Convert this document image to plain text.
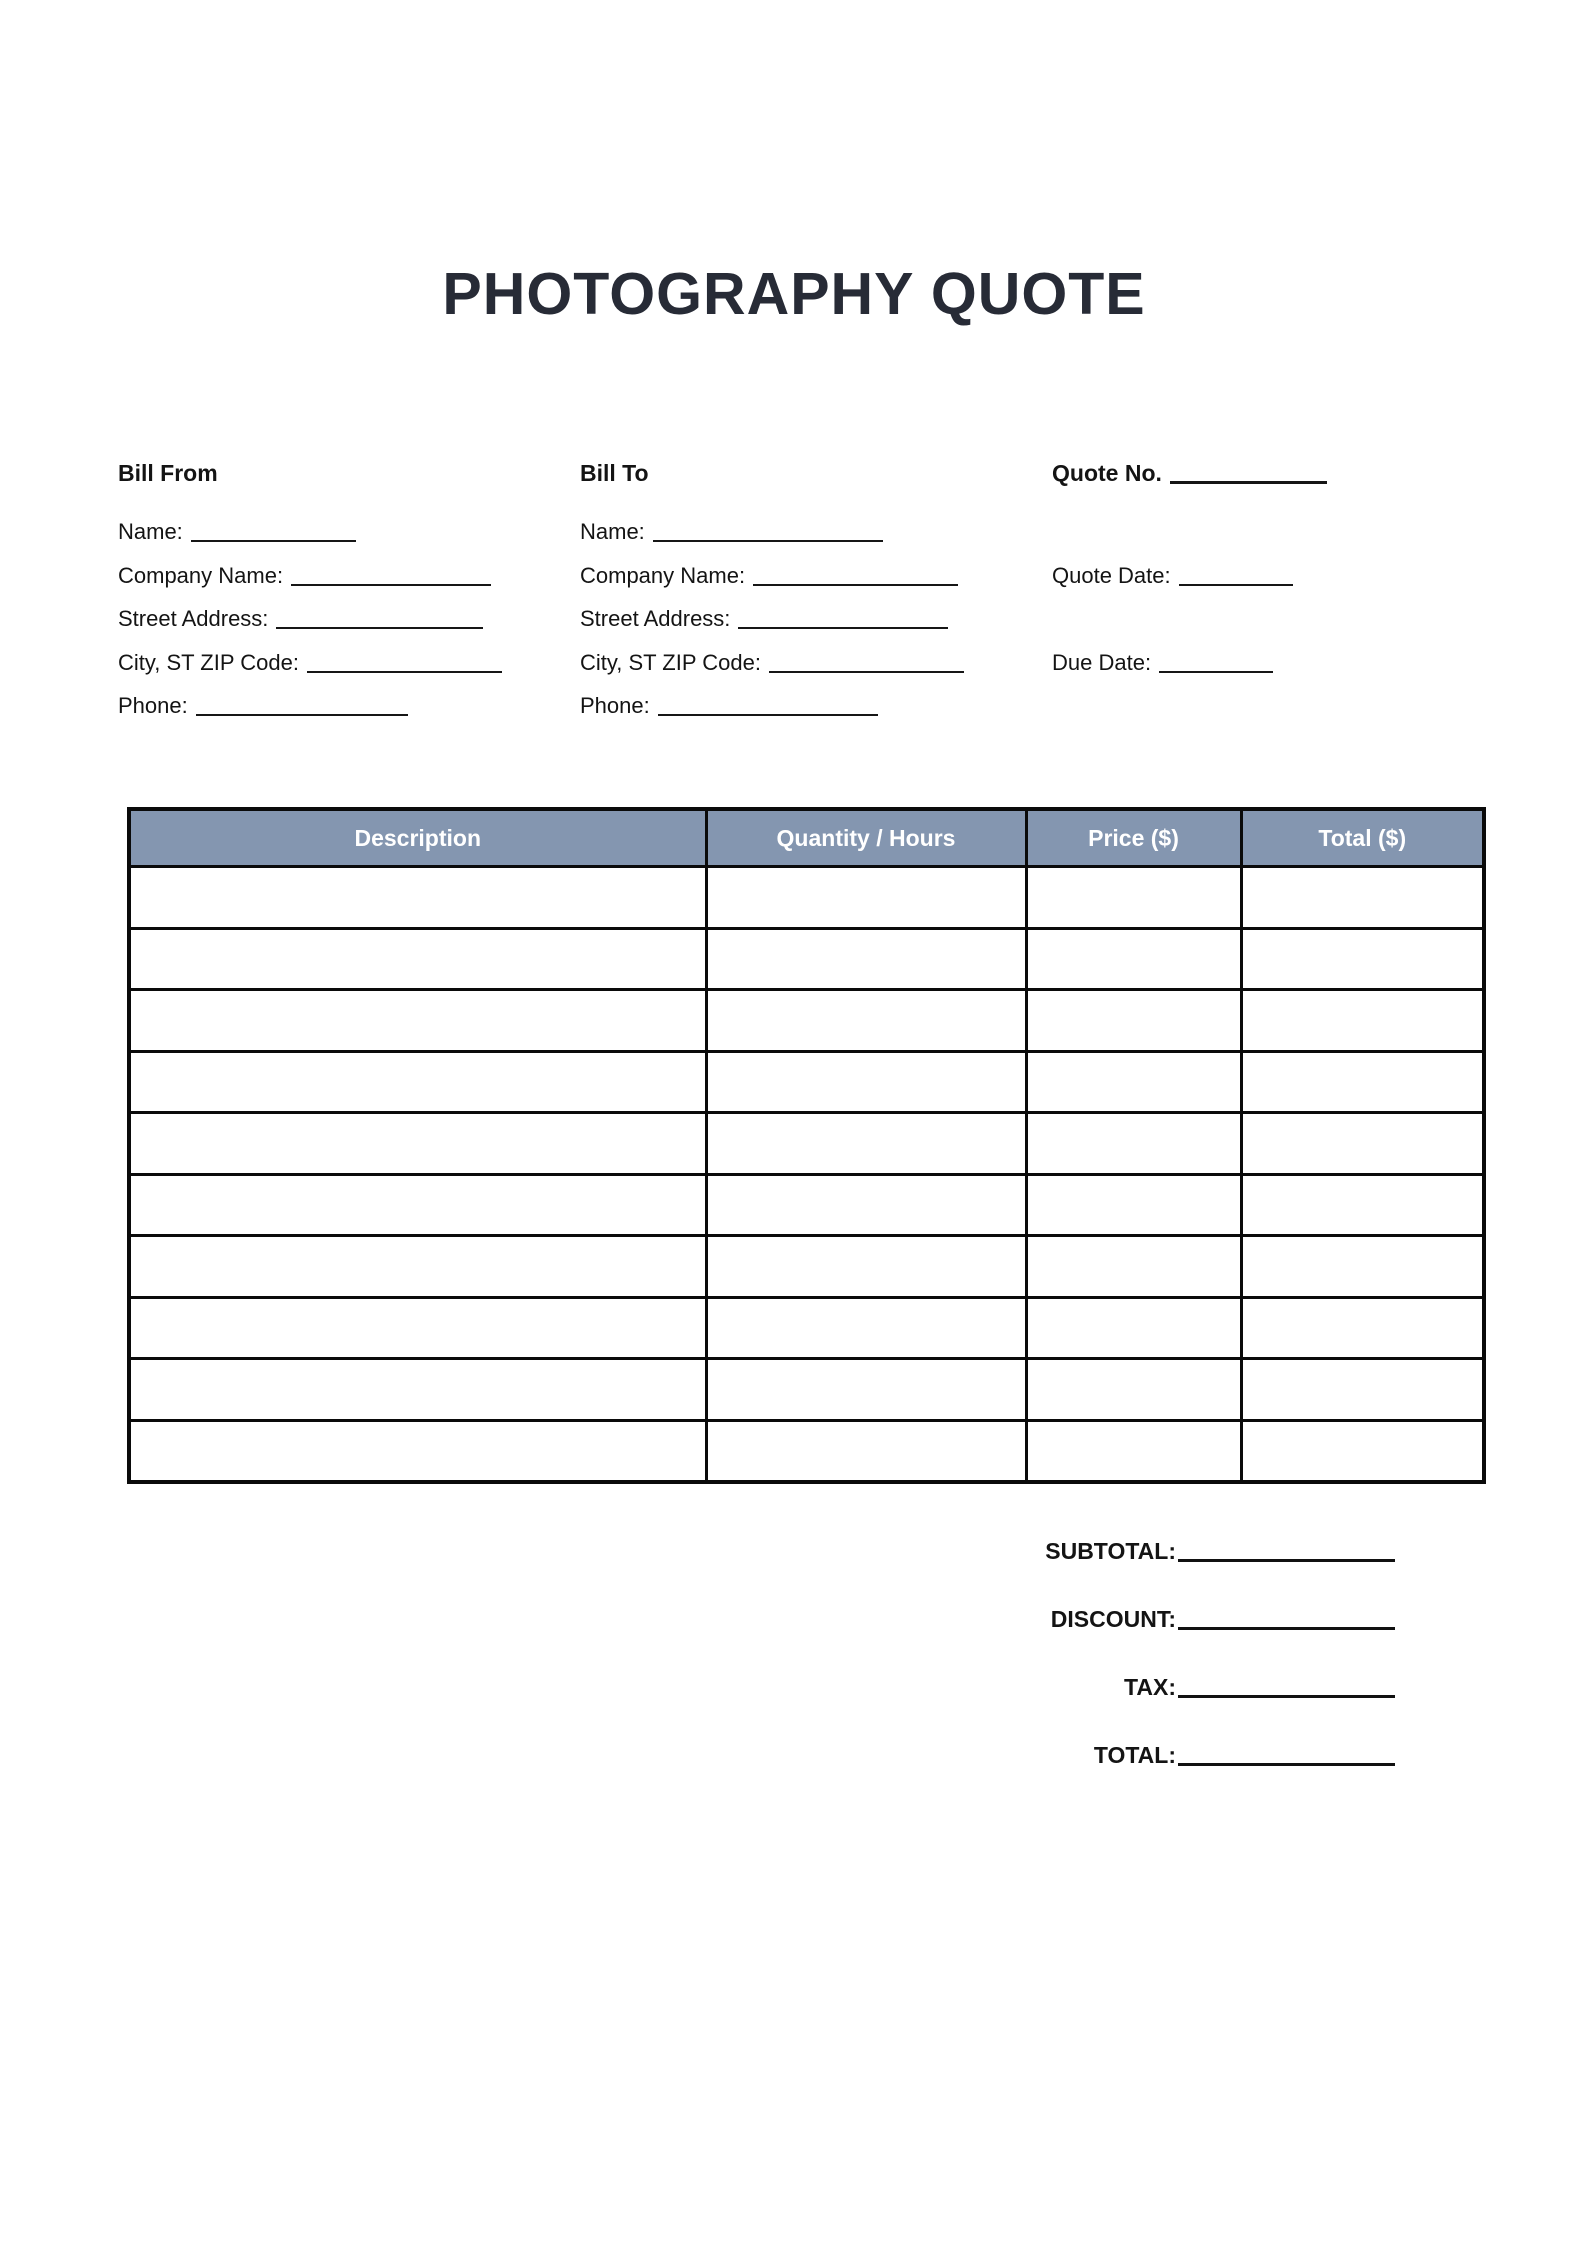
PHOTOGRAPHY QUOTE
Bill From
Name:
Company Name:
Street Address:
City, ST ZIP Code:
Phone:
Bill To
Name:
Company Name:
Street Address:
City, ST ZIP Code:
Phone:
Quote No.
Quote Date:
Due Date:
Description	Quantity / Hours	Price ($)	Total ($)

SUBTOTAL:
DISCOUNT:
TAX:
TOTAL:
